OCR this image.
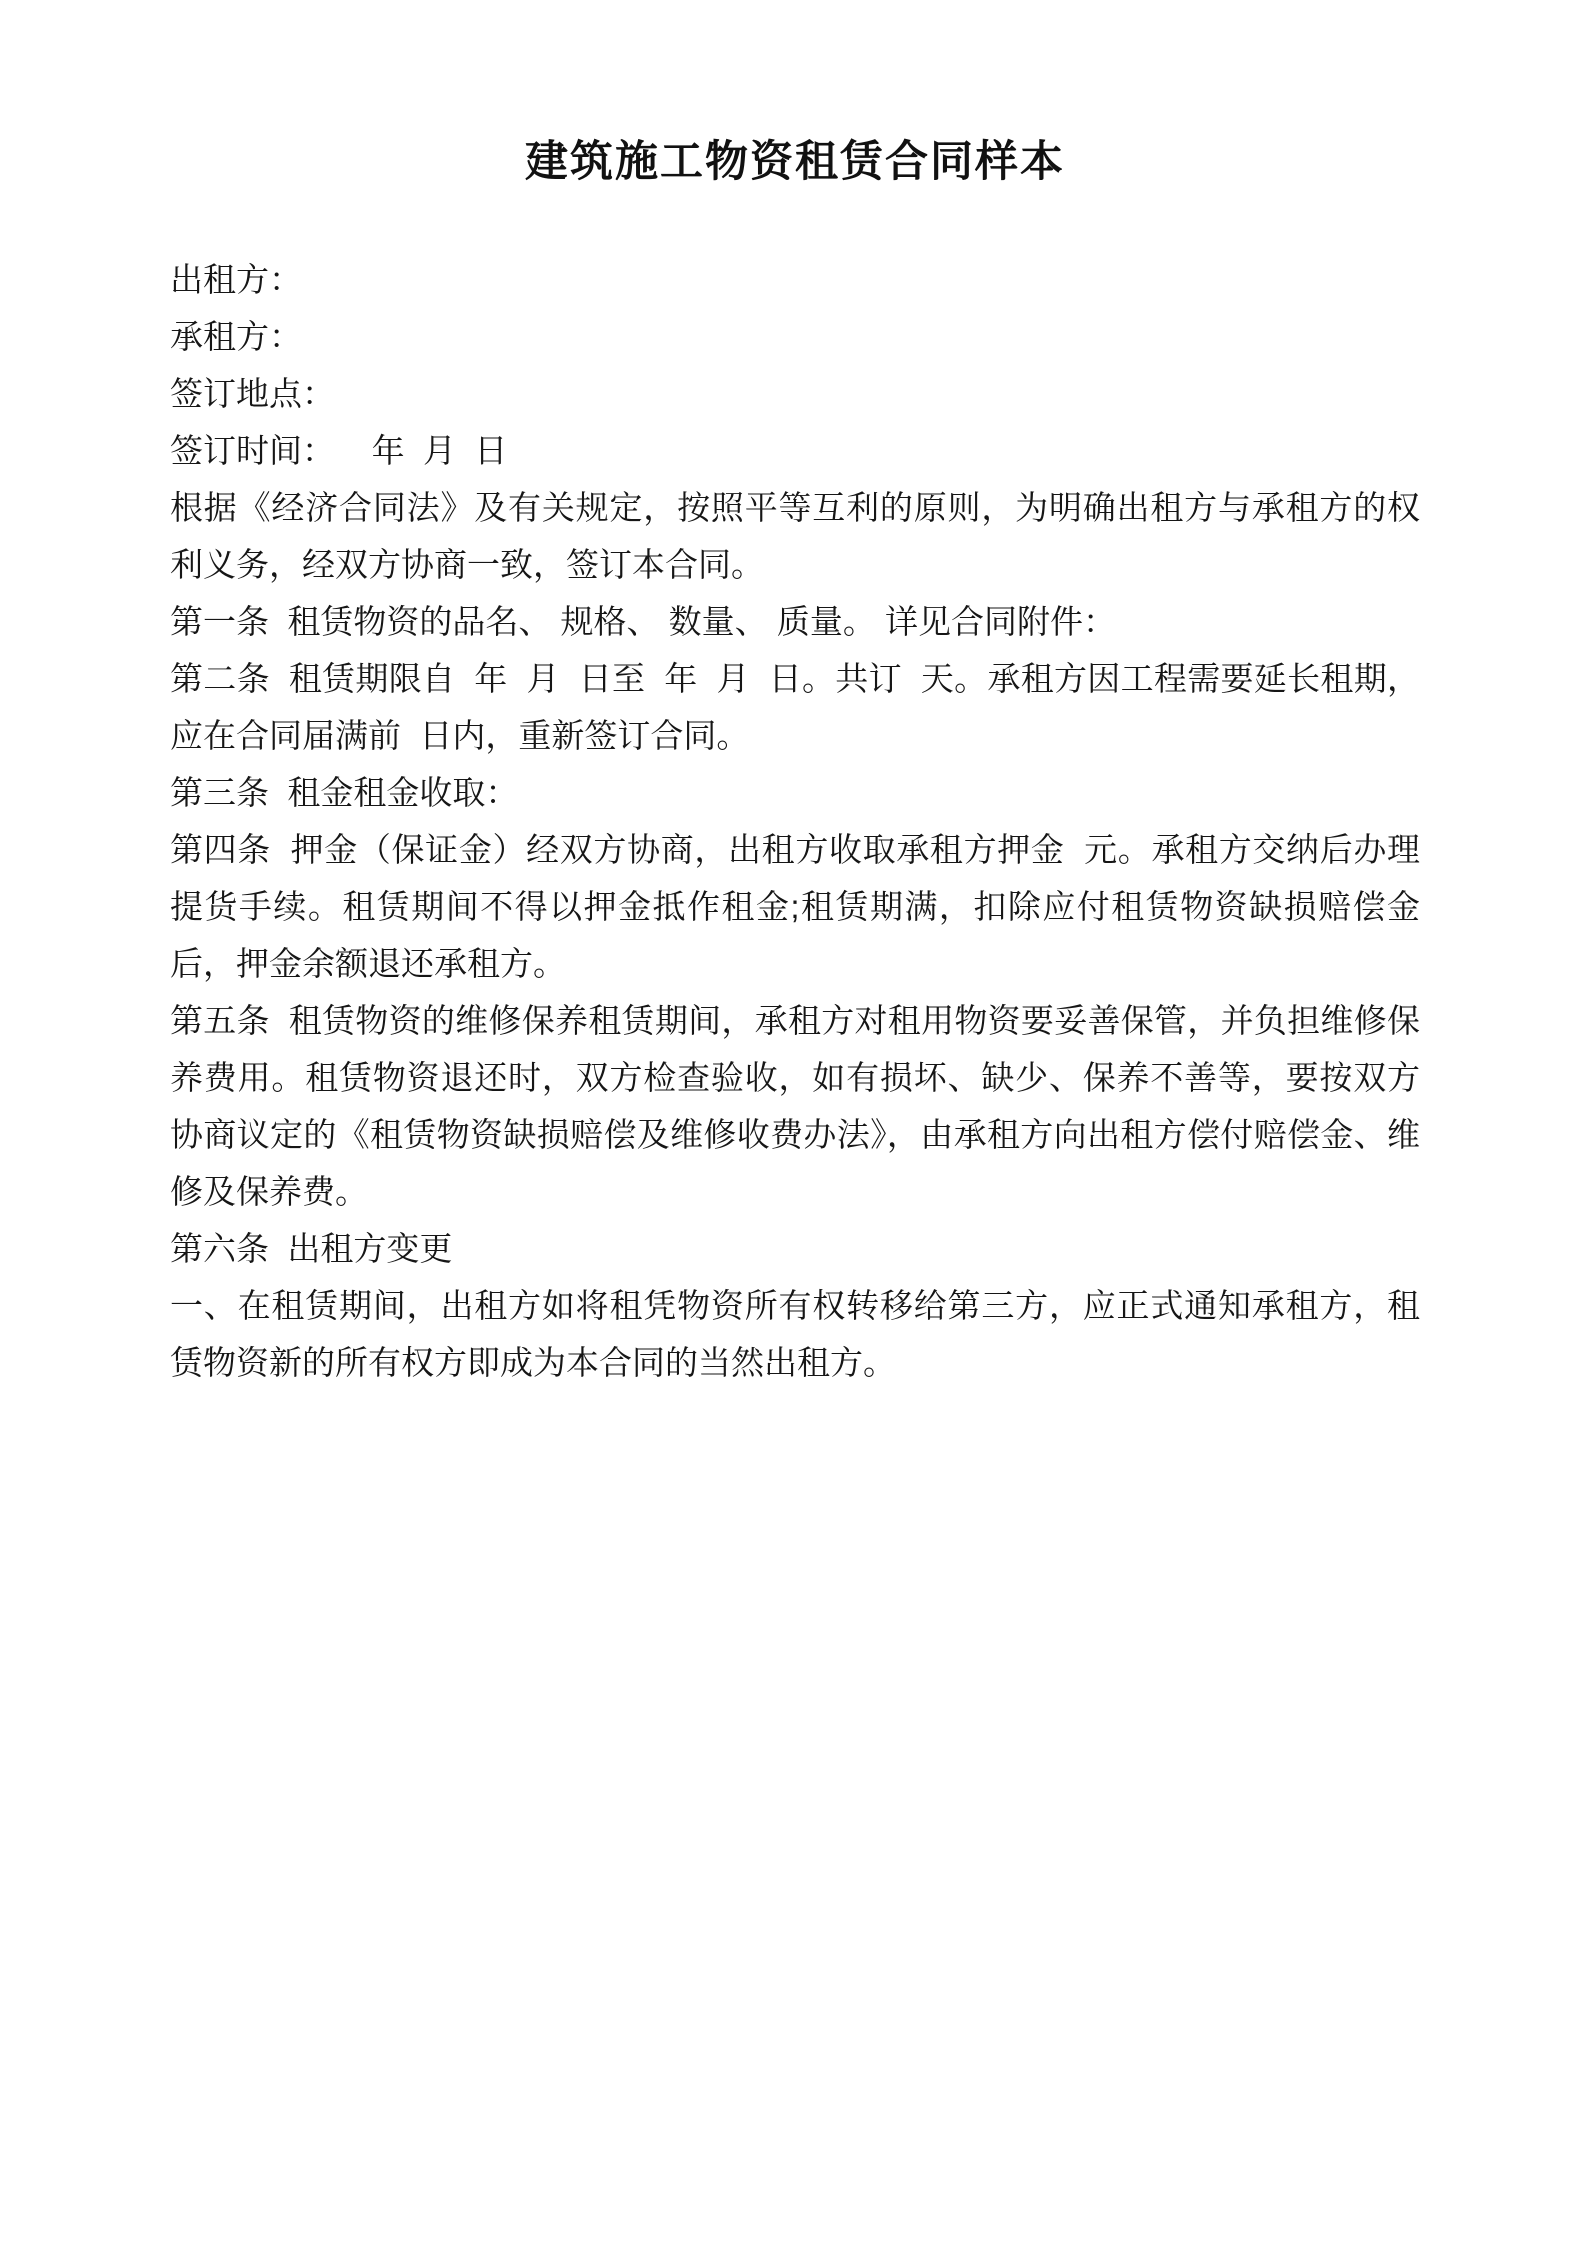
建筑施工物资租赁合同样本

出租方：

承租方：

签订地点：

签订时间：    年  月  日

根据《经济合同法》及有关规定，按照平等互利的原则，为明确出租方与承租方的权利义务，经双方协商一致，签订本合同。

第一条  租赁物资的品名、 规格、 数量、 质量。 详见合同附件：

第二条  租赁期限自  年  月  日至  年  月  日。共订  天。承租方因工程需要延长租期，应在合同届满前  日内，重新签订合同。

第三条  租金租金收取：

第四条  押金（保证金）经双方协商，出租方收取承租方押金  元。承租方交纳后办理提货手续。租赁期间不得以押金抵作租金;租赁期满，扣除应付租赁物资缺损赔偿金后，押金余额退还承租方。

第五条  租赁物资的维修保养租赁期间，承租方对租用物资要妥善保管，并负担维修保养费用。租赁物资退还时，双方检查验收，如有损坏、缺少、保养不善等，要按双方协商议定的《租赁物资缺损赔偿及维修收费办法》，由承租方向出租方偿付赔偿金、维修及保养费。

第六条  出租方变更

一、在租赁期间，出租方如将租凭物资所有权转移给第三方，应正式通知承租方，租赁物资新的所有权方即成为本合同的当然出租方。
